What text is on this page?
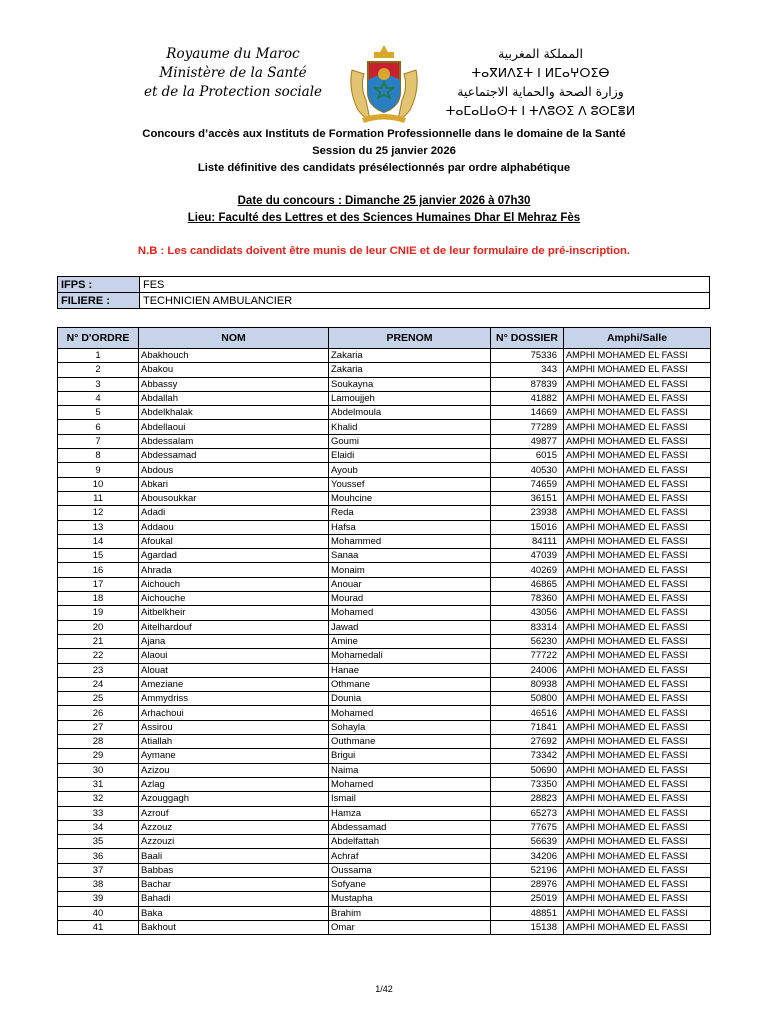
Royaume du Maroc
Ministère de la Santé
et de la Protection sociale
المملكة المغربية
ⵜⴰⴳⵍⴷⵉⵜ ⵏ ⵍⵎⴰⵖⵔⵉⴱ
وزارة الصحة والحماية الاجتماعية
ⵜⴰⵎⴰⵡⴰⵙⵜ ⵏ ⵜⴷⵓⵙⵉ ⴷ ⵓⵙⵎⴻⵍ
Concours d’accès aux Instituts de Formation Professionnelle dans le domaine de la Santé
Session du 25 janvier 2026
Liste définitive des candidats présélectionnés par ordre alphabétique
Date du concours : Dimanche 25 janvier 2026 à 07h30
Lieu: Faculté des Lettres et des Sciences Humaines Dhar El Mehraz Fès
N.B : Les candidats doivent être munis de leur CNIE et de leur formulaire de pré-inscription.
IFPS :	FES
FILIERE :	TECHNICIEN AMBULANCIER
N° D'ORDRE	NOM	PRENOM	N° DOSSIER	Amphi/Salle
1	Abakhouch	Zakaria	75336	AMPHI MOHAMED EL FASSI
2	Abakou	Zakaria	343	AMPHI MOHAMED EL FASSI
3	Abbassy	Soukayna	87839	AMPHI MOHAMED EL FASSI
4	Abdallah	Lamoujjeh	41882	AMPHI MOHAMED EL FASSI
5	Abdelkhalak	Abdelmoula	14669	AMPHI MOHAMED EL FASSI
6	Abdellaoui	Khalid	77289	AMPHI MOHAMED EL FASSI
7	Abdessalam	Goumi	49877	AMPHI MOHAMED EL FASSI
8	Abdessamad	Elaidi	6015	AMPHI MOHAMED EL FASSI
9	Abdous	Ayoub	40530	AMPHI MOHAMED EL FASSI
10	Abkari	Youssef	74659	AMPHI MOHAMED EL FASSI
11	Abousoukkar	Mouhcine	36151	AMPHI MOHAMED EL FASSI
12	Adadi	Reda	23938	AMPHI MOHAMED EL FASSI
13	Addaou	Hafsa	15016	AMPHI MOHAMED EL FASSI
14	Afoukal	Mohammed	84111	AMPHI MOHAMED EL FASSI
15	Agardad	Sanaa	47039	AMPHI MOHAMED EL FASSI
16	Ahrada	Monaim	40269	AMPHI MOHAMED EL FASSI
17	Aichouch	Anouar	46865	AMPHI MOHAMED EL FASSI
18	Aichouche	Mourad	78360	AMPHI MOHAMED EL FASSI
19	Aitbelkheir	Mohamed	43056	AMPHI MOHAMED EL FASSI
20	Aitelhardouf	Jawad	83314	AMPHI MOHAMED EL FASSI
21	Ajana	Amine	56230	AMPHI MOHAMED EL FASSI
22	Alaoui	Mohamedali	77722	AMPHI MOHAMED EL FASSI
23	Alouat	Hanae	24006	AMPHI MOHAMED EL FASSI
24	Ameziane	Othmane	80938	AMPHI MOHAMED EL FASSI
25	Ammydriss	Dounia	50800	AMPHI MOHAMED EL FASSI
26	Arhachoui	Mohamed	46516	AMPHI MOHAMED EL FASSI
27	Assirou	Sohayla	71841	AMPHI MOHAMED EL FASSI
28	Atiallah	Outhmane	27692	AMPHI MOHAMED EL FASSI
29	Aymane	Brigui	73342	AMPHI MOHAMED EL FASSI
30	Azizou	Naima	50690	AMPHI MOHAMED EL FASSI
31	Azlag	Mohamed	73350	AMPHI MOHAMED EL FASSI
32	Azouggagh	Ismail	28823	AMPHI MOHAMED EL FASSI
33	Azrouf	Hamza	65273	AMPHI MOHAMED EL FASSI
34	Azzouz	Abdessamad	77675	AMPHI MOHAMED EL FASSI
35	Azzouzi	Abdelfattah	56639	AMPHI MOHAMED EL FASSI
36	Baali	Achraf	34206	AMPHI MOHAMED EL FASSI
37	Babbas	Oussama	52196	AMPHI MOHAMED EL FASSI
38	Bachar	Sofyane	28976	AMPHI MOHAMED EL FASSI
39	Bahadi	Mustapha	25019	AMPHI MOHAMED EL FASSI
40	Baka	Brahim	48851	AMPHI MOHAMED EL FASSI
41	Bakhout	Omar	15138	AMPHI MOHAMED EL FASSI
1/42
